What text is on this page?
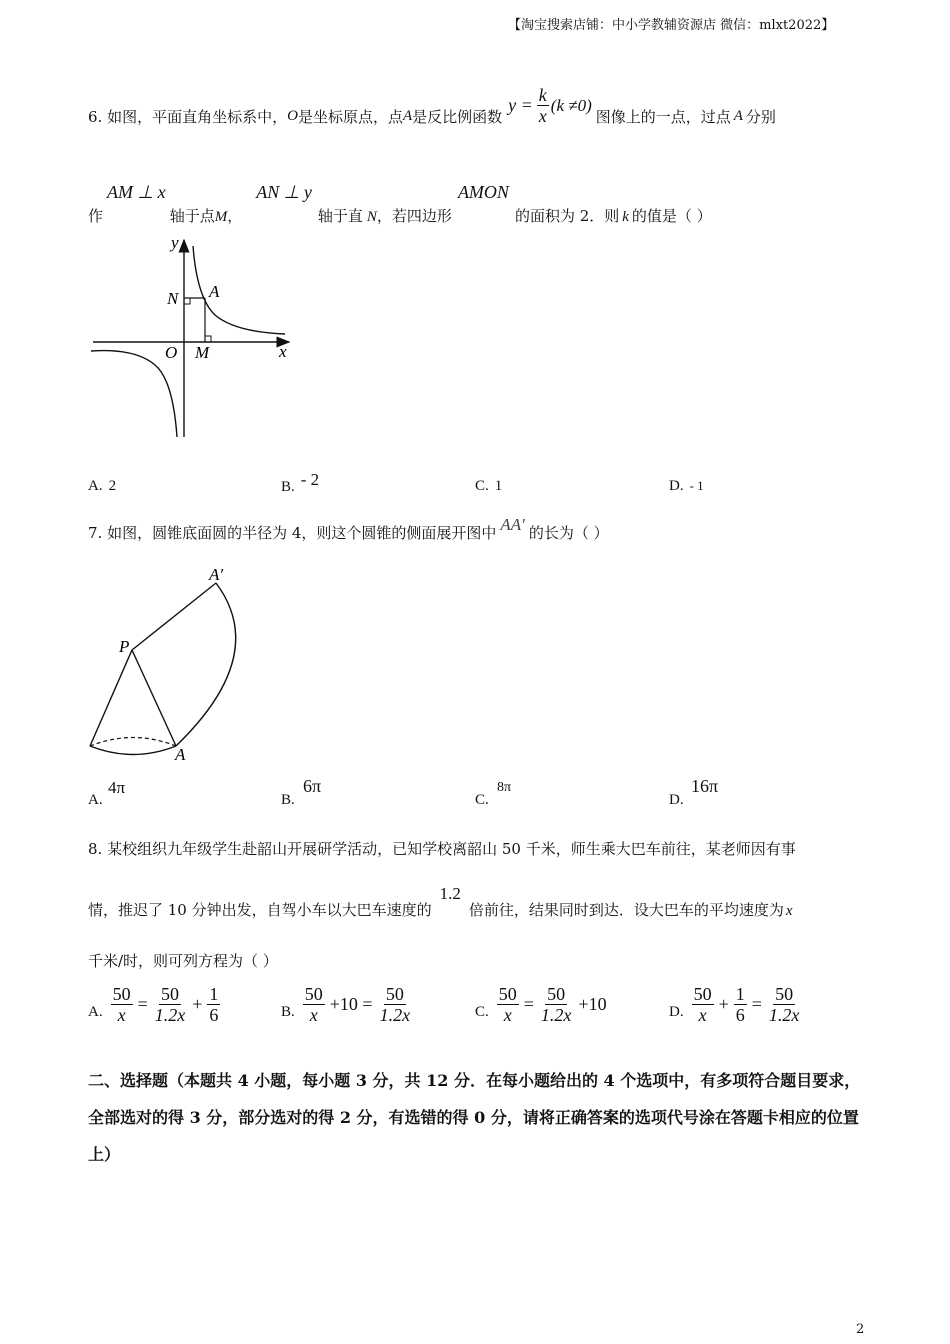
【淘宝搜索店铺：中小学教辅资源店 微信：mlxt2022】
6. 如图，平面直角坐标系中， O 是坐标原点，点 A 是反比例函数
$y = \frac{k}{x} (k \ne 0)$
图像上的一点，过点 A 分别
作
AM ⊥ x
轴于点 M ，
AN ⊥ y
轴于直 N ，若四边形
AMON
的面积为 2．则 k 的值是（ ）
y
x
N A
O M
A. 2	B. - 2	C. 1	D. - 1
7. 如图，圆锥底面圆的半径为 4，则这个圆锥的侧面展开图中 AA′ 的长为（ ）
A′
P
A
A.
4π
B.
6π
C.
8π
D.
16π
8. 某校组织九年级学生赴韶山开展研学活动，已知学校离韶山 50 千米，师生乘大巴车前往，某老师因有事
情，推迟了 10 分钟出发，自驾小车以大巴车速度的
1.2
倍前往，结果同时到达．设大巴车的平均速度为 x
千米/时，则可列方程为（ ）
A. $\frac{50}{x} = \frac{50}{1.2x} + \frac{1}{6}$	B. $\frac{50}{x} +10 = \frac{50}{1.2x}$	C. $\frac{50}{x} = \frac{50}{1.2x} +10$	D. $\frac{50}{x} + \frac{1}{6} = \frac{50}{1.2x}$
二、选择题（本题共 4 小题，每小题 3 分，共 12 分．在每小题给出的 4 个选项中，有多项符合题目要求，全部选对的得 3 分，部分选对的得 2 分，有选错的得 0 分，请将正确答案的选项代号涂在答题卡相应的位置上）
2
